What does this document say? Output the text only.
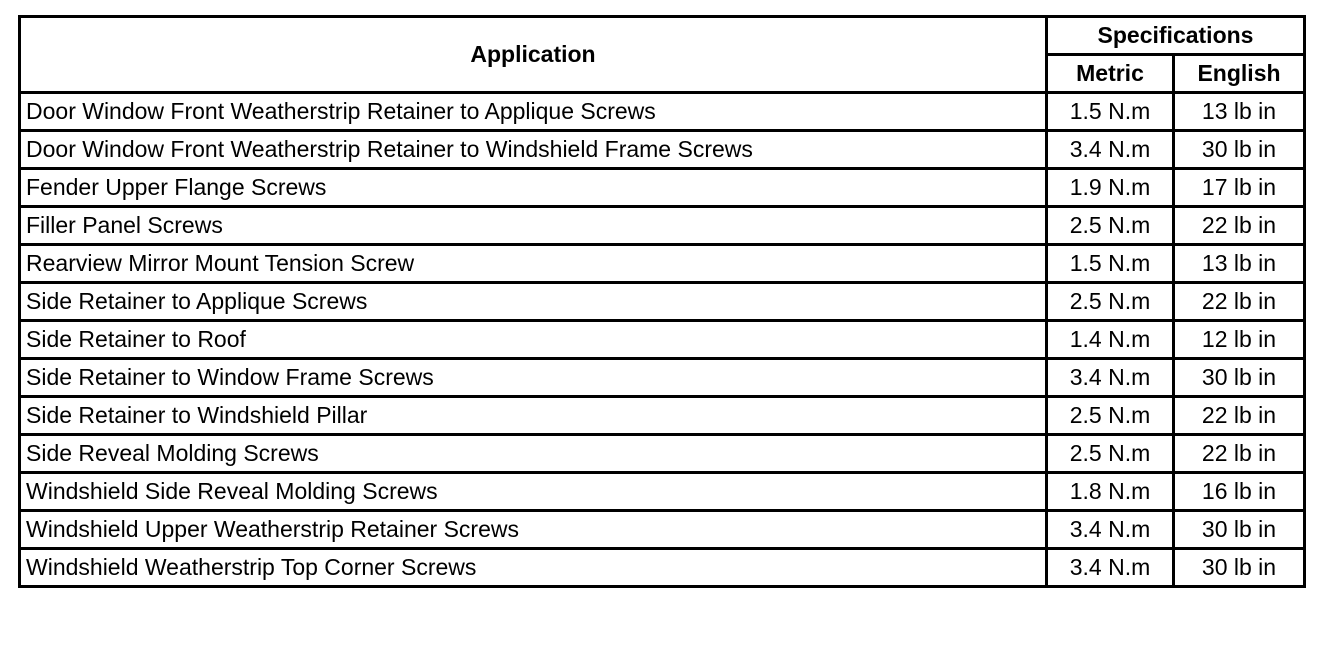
Application	Specifications	
	Metric	English
Door Window Front Weatherstrip Retainer to Applique Screws	1.5 N.m	13 lb in
Door Window Front Weatherstrip Retainer to Windshield Frame Screws	3.4 N.m	30 lb in
Fender Upper Flange Screws	1.9 N.m	17 lb in
Filler Panel Screws	2.5 N.m	22 lb in
Rearview Mirror Mount Tension Screw	1.5 N.m	13 lb in
Side Retainer to Applique Screws	2.5 N.m	22 lb in
Side Retainer to Roof	1.4 N.m	12 lb in
Side Retainer to Window Frame Screws	3.4 N.m	30 lb in
Side Retainer to Windshield Pillar	2.5 N.m	22 lb in
Side Reveal Molding Screws	2.5 N.m	22 lb in
Windshield Side Reveal Molding Screws	1.8 N.m	16 lb in
Windshield Upper Weatherstrip Retainer Screws	3.4 N.m	30 lb in
Windshield Weatherstrip Top Corner Screws	3.4 N.m	30 lb in
